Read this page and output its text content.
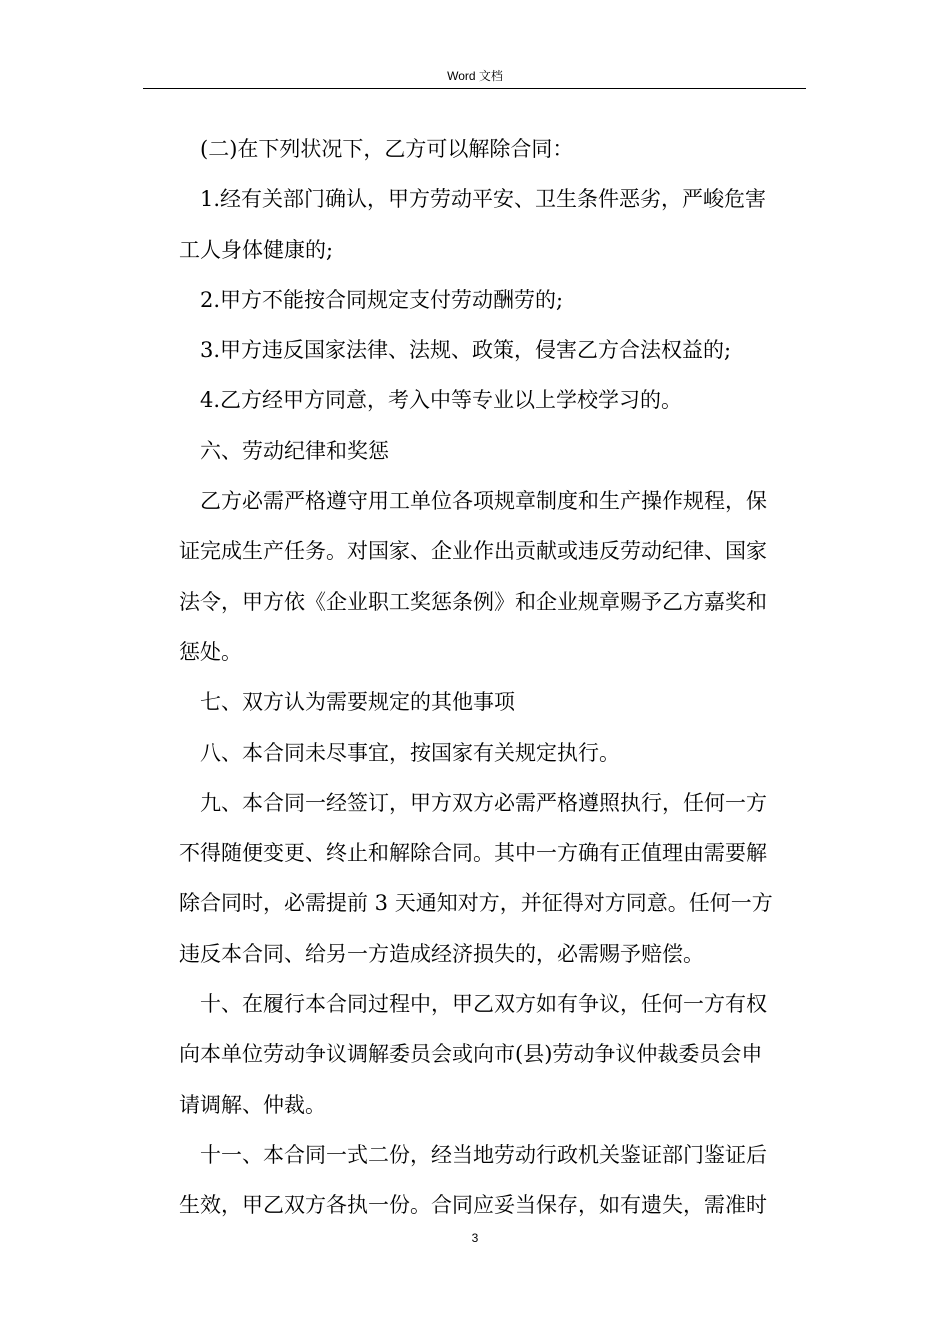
Word 文档

(二)在下列状况下，乙方可以解除合同：

1.经有关部门确认，甲方劳动平安、卫生条件恶劣，严峻危害

工人身体健康的;

2.甲方不能按合同规定支付劳动酬劳的;

3.甲方违反国家法律、法规、政策，侵害乙方合法权益的;

4.乙方经甲方同意，考入中等专业以上学校学习的。

六、劳动纪律和奖惩

乙方必需严格遵守用工单位各项规章制度和生产操作规程，保

证完成生产任务。对国家、企业作出贡献或违反劳动纪律、国家

法令，甲方依《企业职工奖惩条例》和企业规章赐予乙方嘉奖和

惩处。

七、双方认为需要规定的其他事项

八、本合同未尽事宜，按国家有关规定执行。

九、本合同一经签订，甲方双方必需严格遵照执行，任何一方

不得随便变更、终止和解除合同。其中一方确有正值理由需要解

除合同时，必需提前 3 天通知对方，并征得对方同意。任何一方

违反本合同、给另一方造成经济损失的，必需赐予赔偿。

十、在履行本合同过程中，甲乙双方如有争议，任何一方有权

向本单位劳动争议调解委员会或向市(县)劳动争议仲裁委员会申

请调解、仲裁。

十一、本合同一式二份，经当地劳动行政机关鉴证部门鉴证后

生效，甲乙双方各执一份。合同应妥当保存，如有遗失，需准时

3
